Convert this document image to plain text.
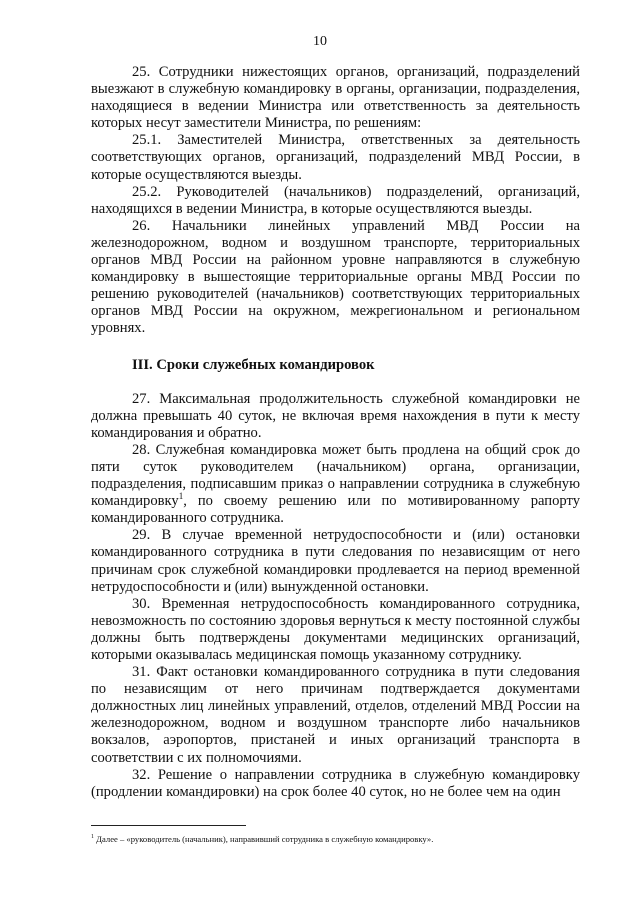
10

25. Сотрудники нижестоящих органов, организаций, подразделений выезжают в служебную командировку в органы, организации, подразделения, находящиеся в ведении Министра или ответственность за деятельность которых несут заместители Министра, по решениям:

25.1. Заместителей Министра, ответственных за деятельность соответствующих органов, организаций, подразделений МВД России, в которые осуществляются выезды.

25.2. Руководителей (начальников) подразделений, организаций, находящихся в ведении Министра, в которые осуществляются выезды.

26. Начальники линейных управлений МВД России на железнодорожном, водном и воздушном транспорте, территориальных органов МВД России на районном уровне направляются в служебную командировку в вышестоящие территориальные органы МВД России по решению руководителей (начальников) соответствующих территориальных органов МВД России на окружном, межрегиональном и региональном уровнях.

III. Сроки служебных командировок

27. Максимальная продолжительность служебной командировки не должна превышать 40 суток, не включая время нахождения в пути к месту командирования и обратно.

28. Служебная командировка может быть продлена на общий срок до пяти суток руководителем (начальником) органа, организации, подразделения, подписавшим приказ о направлении сотрудника в служебную командировку$^1$, по своему решению или по мотивированному рапорту командированного сотрудника.

29. В случае временной нетрудоспособности и (или) остановки командированного сотрудника в пути следования по независящим от него причинам срок служебной командировки продлевается на период временной нетрудоспособности и (или) вынужденной остановки.

30. Временная нетрудоспособность командированного сотрудника, невозможность по состоянию здоровья вернуться к месту постоянной службы должны быть подтверждены документами медицинских организаций, которыми оказывалась медицинская помощь указанному сотруднику.

31. Факт остановки командированного сотрудника в пути следования по независящим от него причинам подтверждается документами должностных лиц линейных управлений, отделов, отделений МВД России на железнодорожном, водном и воздушном транспорте либо начальников вокзалов, аэропортов, пристаней и иных организаций транспорта в соответствии с их полномочиями.

32. Решение о направлении сотрудника в служебную командировку (продлении командировки) на срок более 40 суток, но не более чем на один

$^1$ Далее – «руководитель (начальник), направивший сотрудника в служебную командировку».
